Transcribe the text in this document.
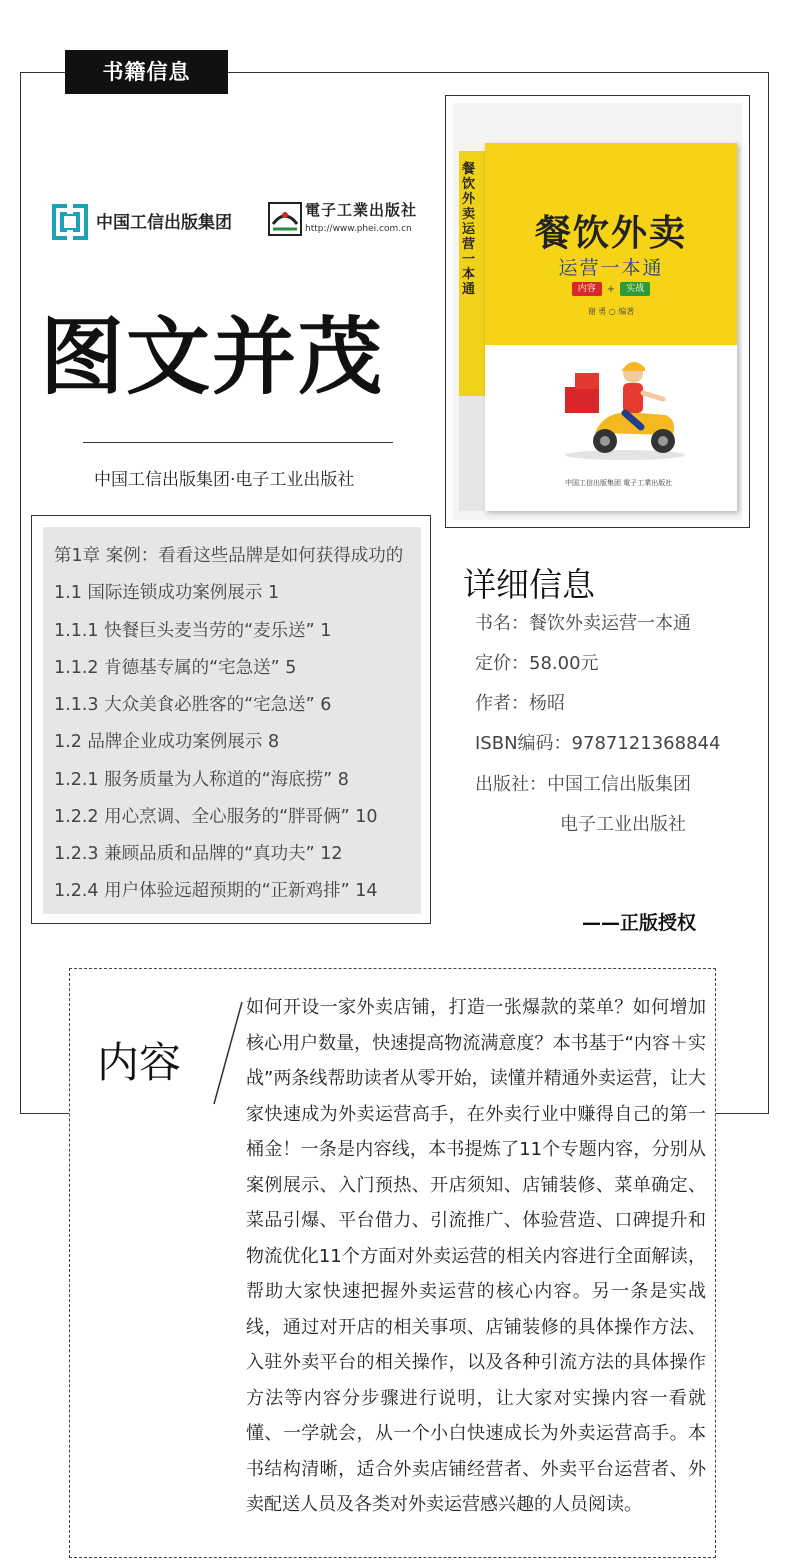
书籍信息
中国工信出版集团
電子工業出版社
http://www.phei.com.cn
图文并茂
中国工信出版集团·电子工业出版社
餐饮外卖运营一本通
餐饮外卖
运营一本通
内容 + 实战
谢 勇 ○ 编著
中国工信出版集团 電子工業出版社
第1章 案例：看看这些品牌是如何获得成功的
1.1 国际连锁成功案例展示 1
1.1.1 快餐巨头麦当劳的“麦乐送” 1
1.1.2 肯德基专属的“宅急送” 5
1.1.3 大众美食必胜客的“宅急送” 6
1.2 品牌企业成功案例展示 8
1.2.1 服务质量为人称道的“海底捞” 8
1.2.2 用心烹调、全心服务的“胖哥俩” 10
1.2.3 兼顾品质和品牌的“真功夫” 12
1.2.4 用户体验远超预期的“正新鸡排” 14
详细信息
书名：餐饮外卖运营一本通
定价：58.00元
作者：杨昭
ISBN编码：9787121368844
出版社：中国工信出版集团
电子工业出版社
——正版授权
内容
如何开设一家外卖店铺，打造一张爆款的菜单？如何增加核心用户数量，快速提高物流满意度？本书基于“内容＋实战”两条线帮助读者从零开始，读懂并精通外卖运营，让大家快速成为外卖运营高手，在外卖行业中赚得自己的第一桶金！一条是内容线，本书提炼了11个专题内容，分别从案例展示、入门预热、开店须知、店铺装修、菜单确定、菜品引爆、平台借力、引流推广、体验营造、口碑提升和物流优化11个方面对外卖运营的相关内容进行全面解读，帮助大家快速把握外卖运营的核心内容。另一条是实战线，通过对开店的相关事项、店铺装修的具体操作方法、入驻外卖平台的相关操作，以及各种引流方法的具体操作方法等内容分步骤进行说明，让大家对实操内容一看就懂、一学就会，从一个小白快速成长为外卖运营高手。本书结构清晰，适合外卖店铺经营者、外卖平台运营者、外卖配送人员及各类对外卖运营感兴趣的人员阅读。
